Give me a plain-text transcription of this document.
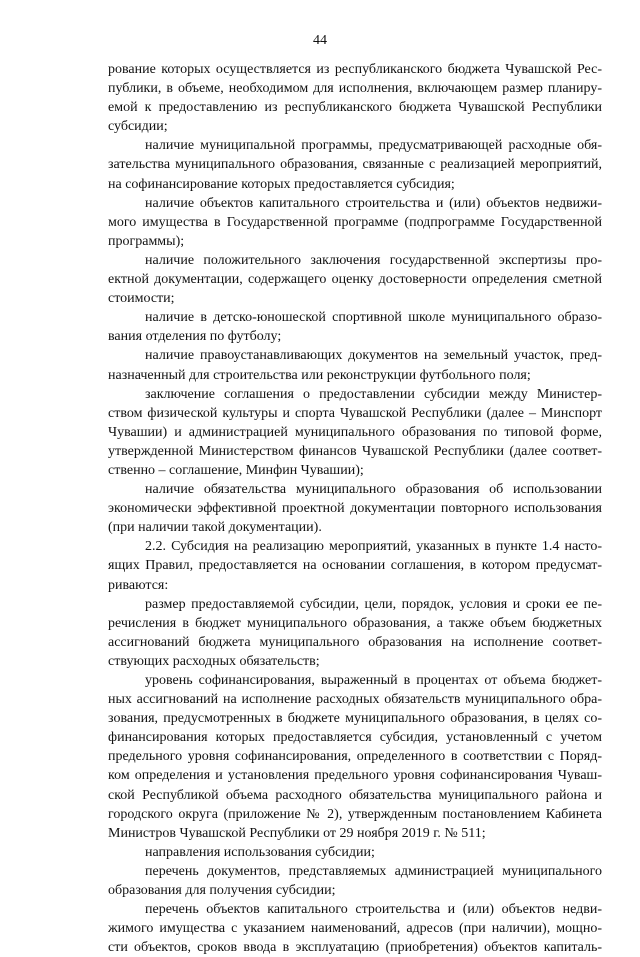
44
рование которых осуществляется из республиканского бюджета Чувашской Рес-
публики, в объеме, необходимом для исполнения, включающем размер планиру-
емой к предоставлению из республиканского бюджета Чувашской Республики
субсидии;
наличие муниципальной программы, предусматривающей расходные обя-
зательства муниципального образования, связанные с реализацией мероприятий,
на софинансирование которых предоставляется субсидия;
наличие объектов капитального строительства и (или) объектов недвижи-
мого имущества в Государственной программе (подпрограмме Государственной
программы);
наличие положительного заключения государственной экспертизы про-
ектной документации, содержащего оценку достоверности определения сметной
стоимости;
наличие в детско-юношеской спортивной школе муниципального образо-
вания отделения по футболу;
наличие правоустанавливающих документов на земельный участок, пред-
назначенный для строительства или реконструкции футбольного поля;
заключение соглашения о предоставлении субсидии между Министер-
ством физической культуры и спорта Чувашской Республики (далее – Минспорт
Чувашии) и администрацией муниципального образования по типовой форме,
утвержденной Министерством финансов Чувашской Республики (далее соответ-
ственно – соглашение, Минфин Чувашии);
наличие обязательства муниципального образования об использовании
экономически эффективной проектной документации повторного использования
(при наличии такой документации).
2.2. Субсидия на реализацию мероприятий, указанных в пункте 1.4 насто-
ящих Правил, предоставляется на основании соглашения, в котором предусмат-
риваются:
размер предоставляемой субсидии, цели, порядок, условия и сроки ее пе-
речисления в бюджет муниципального образования, а также объем бюджетных
ассигнований бюджета муниципального образования на исполнение соответ-
ствующих расходных обязательств;
уровень софинансирования, выраженный в процентах от объема бюджет-
ных ассигнований на исполнение расходных обязательств муниципального обра-
зования, предусмотренных в бюджете муниципального образования, в целях со-
финансирования которых предоставляется субсидия, установленный с учетом
предельного уровня софинансирования, определенного в соответствии с Поряд-
ком определения и установления предельного уровня софинансирования Чуваш-
ской Республикой объема расходного обязательства муниципального района и
городского округа (приложение № 2), утвержденным постановлением Кабинета
Министров Чувашской Республики от 29 ноября 2019 г. № 511;
направления использования субсидии;
перечень документов, представляемых администрацией муниципального
образования для получения субсидии;
перечень объектов капитального строительства и (или) объектов недви-
жимого имущества с указанием наименований, адресов (при наличии), мощно-
сти объектов, сроков ввода в эксплуатацию (приобретения) объектов капиталь-
